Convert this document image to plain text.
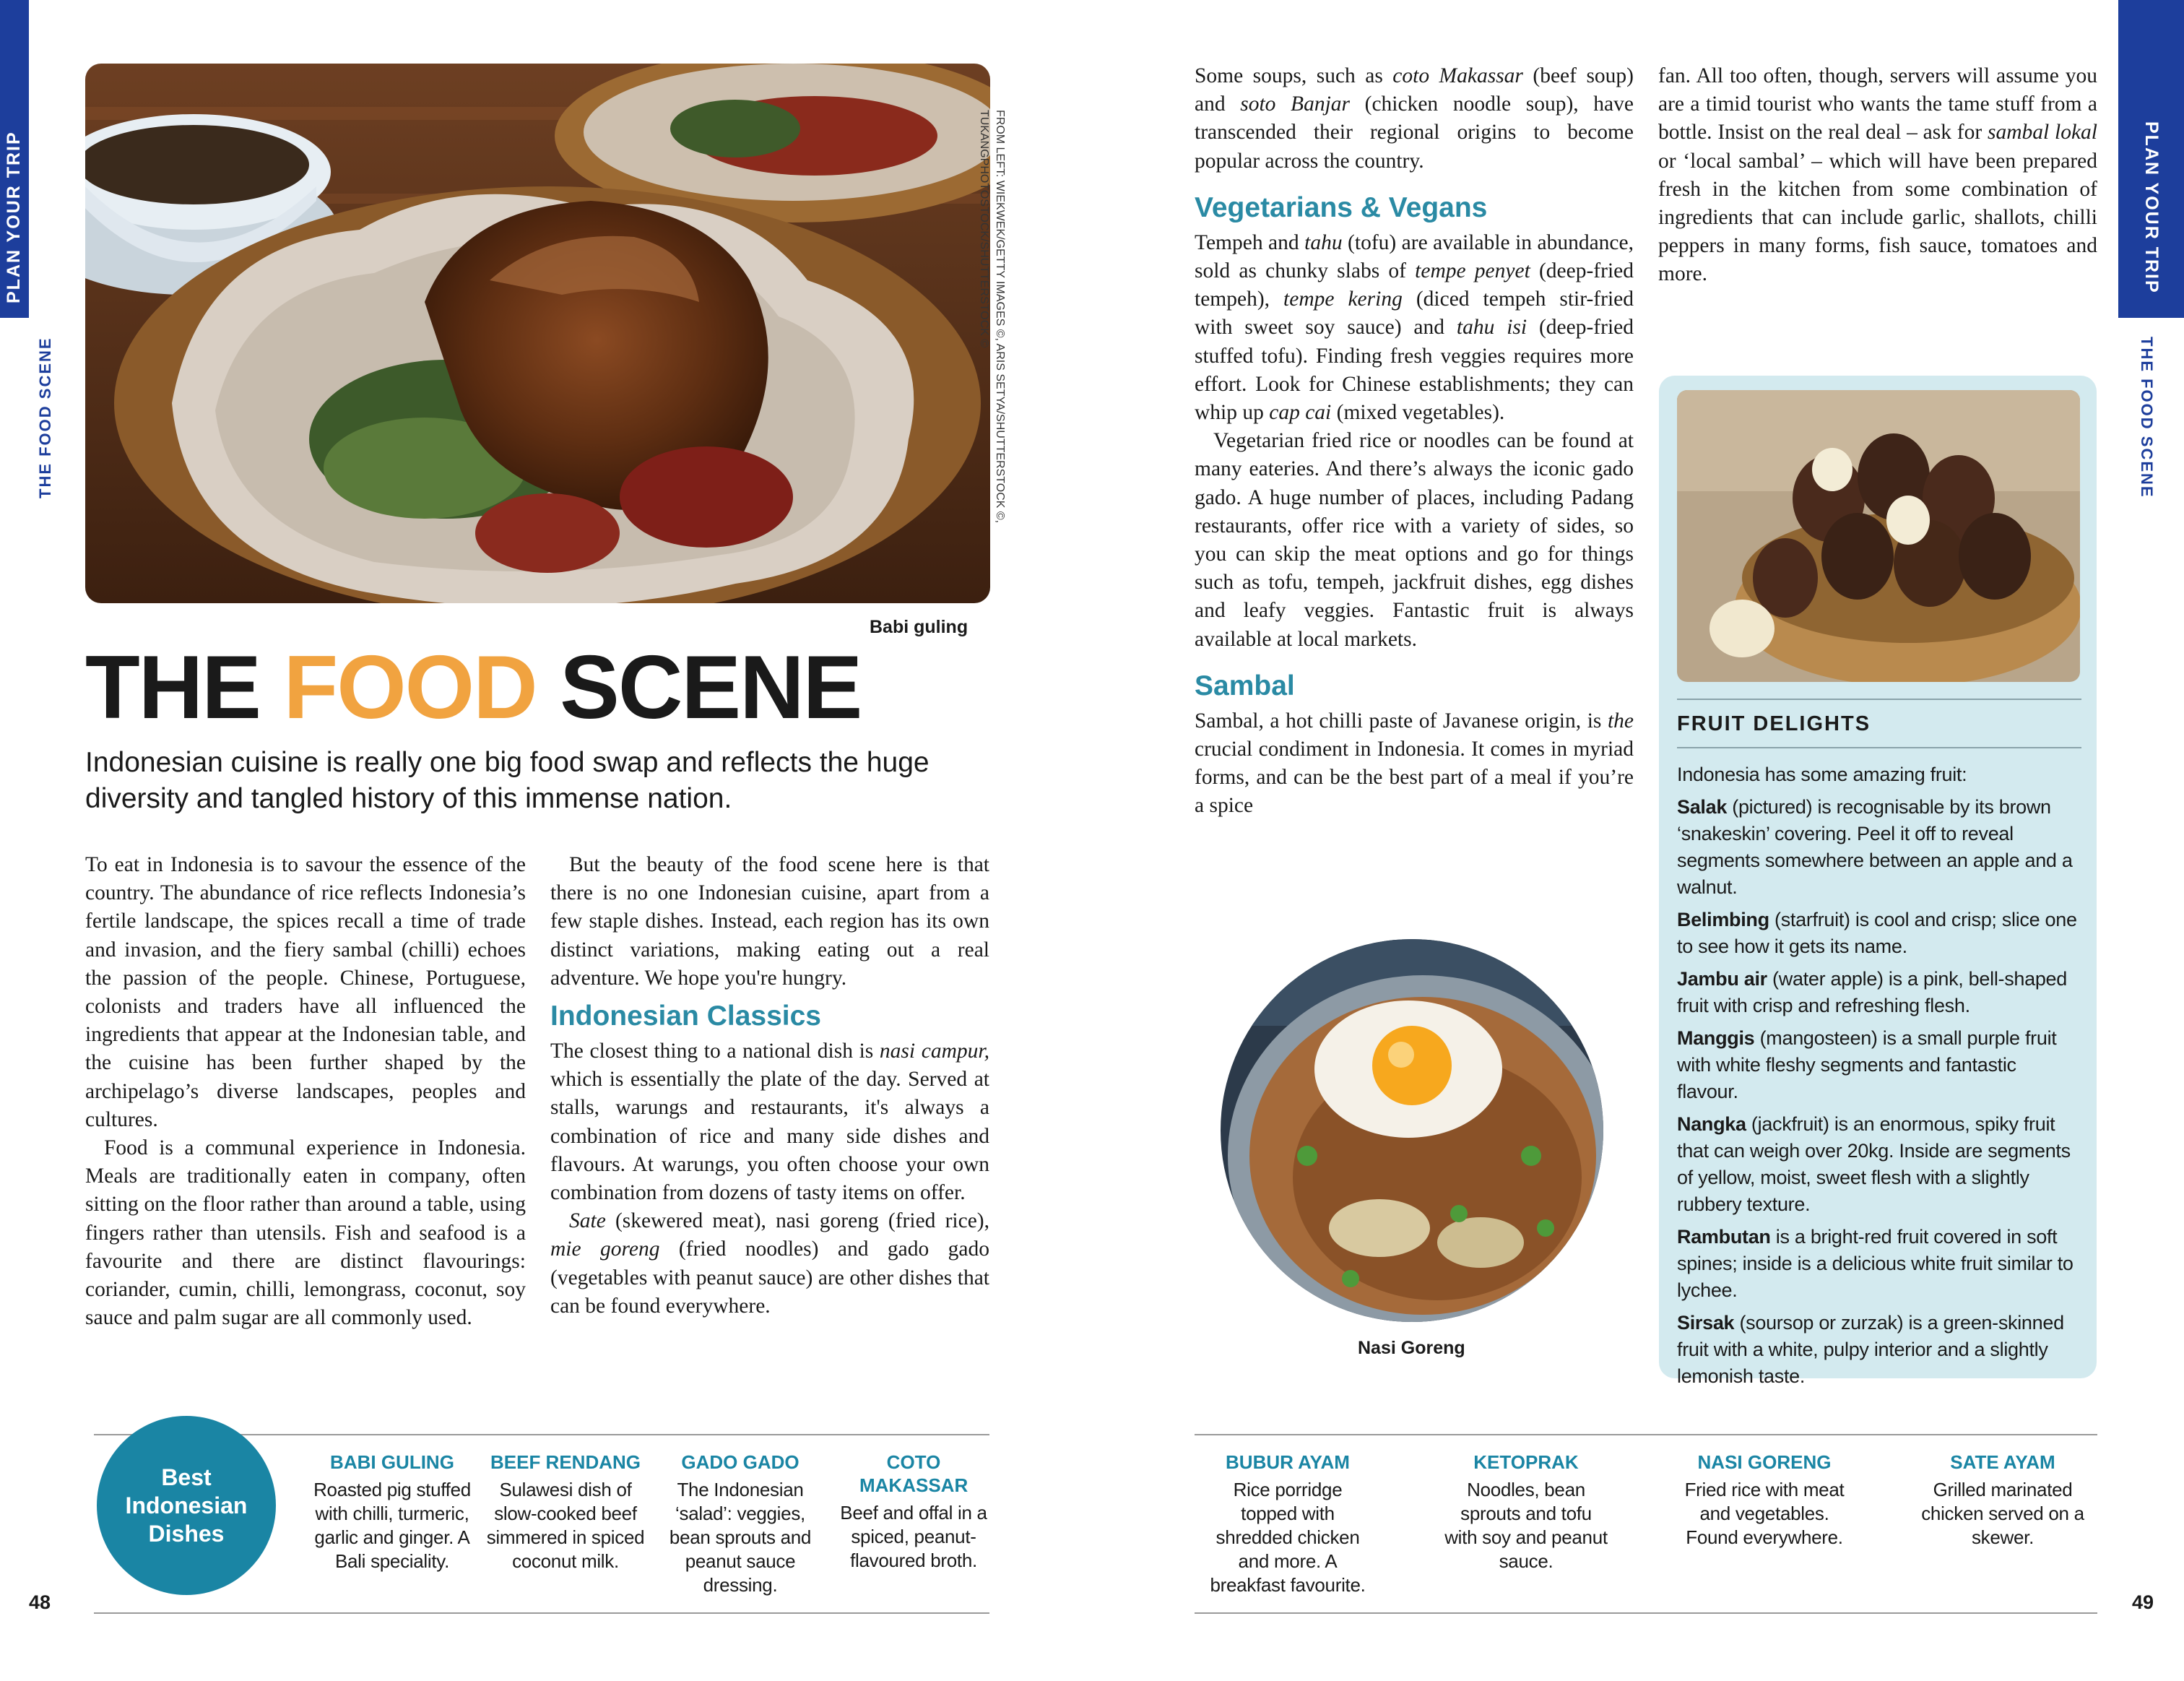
PLAN YOUR TRIP
THE FOOD SCENE
PLAN YOUR TRIP
THE FOOD SCENE
FROM LEFT: WIEKWEK/GETTY IMAGES ©, ARIS SETYA/SHUTTERSTOCK ©,
TUKANGPHOTOSTOCK/SHUTTERSTOCK ©
Babi guling
THE FOOD SCENE
Indonesian cuisine is really one big food swap and reflects the huge diversity and tangled history of this immense nation.

To eat in Indonesia is to savour the essence of the country. The abundance of rice reflects Indonesia’s fertile landscape, the spices recall a time of trade and invasion, and the fiery sambal (chilli) echoes the passion of the people. Chinese, Portuguese, colonists and traders have all influenced the ingredients that appear at the Indonesian table, and the cuisine has been further shaped by the archipelago’s diverse landscapes, peoples and cultures.

Food is a communal experience in Indonesia. Meals are traditionally eaten in company, often sitting on the floor rather than around a table, using fingers rather than utensils. Fish and seafood is a favourite and there are distinct flavourings: coriander, cumin, chilli, lemongrass, coconut, soy sauce and palm sugar are all commonly used.

But the beauty of the food scene here is that there is no one Indonesian cuisine, apart from a few staple dishes. Instead, each region has its own distinct variations, making eating out a real adventure. We hope you're hungry.

Indonesian Classics

The closest thing to a national dish is nasi campur, which is essentially the plate of the day. Served at stalls, warungs and restaurants, it's always a combination of rice and many side dishes and flavours. At warungs, you often choose your own combination from dozens of tasty items on offer.

Sate (skewered meat), nasi goreng (fried rice), mie goreng (fried noodles) and gado gado (vegetables with peanut sauce) are other dishes that can be found everywhere.

Some soups, such as coto Makassar (beef soup) and soto Banjar (chicken noodle soup), have transcended their regional origins to become popular across the country.

Vegetarians & Vegans

Tempeh and tahu (tofu) are available in abundance, sold as chunky slabs of tempe penyet (deep-fried tempeh), tempe kering (diced tempeh stir-fried with sweet soy sauce) and tahu isi (deep-fried stuffed tofu). Finding fresh veggies requires more effort. Look for Chinese establishments; they can whip up cap cai (mixed vegetables).

Vegetarian fried rice or noodles can be found at many eateries. And there’s always the iconic gado gado. A huge number of places, including Padang restaurants, offer rice with a variety of sides, so you can skip the meat options and go for things such as tofu, tempeh, jackfruit dishes, egg dishes and leafy veggies. Fantastic fruit is always available at local markets.

Sambal

Sambal, a hot chilli paste of Javanese origin, is the crucial condiment in Indonesia. It comes in myriad forms, and can be the best part of a meal if you’re a spice

fan. All too often, though, servers will assume you are a timid tourist who wants the tame stuff from a bottle. Insist on the real deal – ask for sambal lokal or ‘local sambal’ – which will have been prepared fresh in the kitchen from some combination of ingredients that can include garlic, shallots, chilli peppers in many forms, fish sauce, tomatoes and more.

Nasi Goreng
FRUIT DELIGHTS

Indonesia has some amazing fruit:

Salak (pictured) is recognisable by its brown ‘snakeskin’ covering. Peel it off to reveal segments somewhere between an apple and a walnut.

Belimbing (starfruit) is cool and crisp; slice one to see how it gets its name.

Jambu air (water apple) is a pink, bell-shaped fruit with crisp and refreshing flesh.

Manggis (mangosteen) is a small purple fruit with white fleshy segments and fantastic flavour.

Nangka (jackfruit) is an enormous, spiky fruit that can weigh over 20kg. Inside are segments of yellow, moist, sweet flesh with a slightly rubbery texture.

Rambutan is a bright-red fruit covered in soft spines; inside is a delicious white fruit similar to lychee.

Sirsak (soursop or zurzak) is a green-skinned fruit with a white, pulpy interior and a slightly lemonish taste.

Best Indonesian Dishes
BABI GULING
Roasted pig stuffed with chilli, turmeric, garlic and ginger. A Bali speciality.
BEEF RENDANG
Sulawesi dish of slow-cooked beef simmered in spiced coconut milk.
GADO GADO
The Indonesian ‘salad’: veggies, bean sprouts and peanut sauce dressing.
COTO MAKASSAR
Beef and offal in a spiced, peanut-flavoured broth.
BUBUR AYAM
Rice porridge topped with shredded chicken and more. A breakfast favourite.
KETOPRAK
Noodles, bean sprouts and tofu with soy and peanut sauce.
NASI GORENG
Fried rice with meat and vegetables. Found everywhere.
SATE AYAM
Grilled marinated chicken served on a skewer.
48	49
